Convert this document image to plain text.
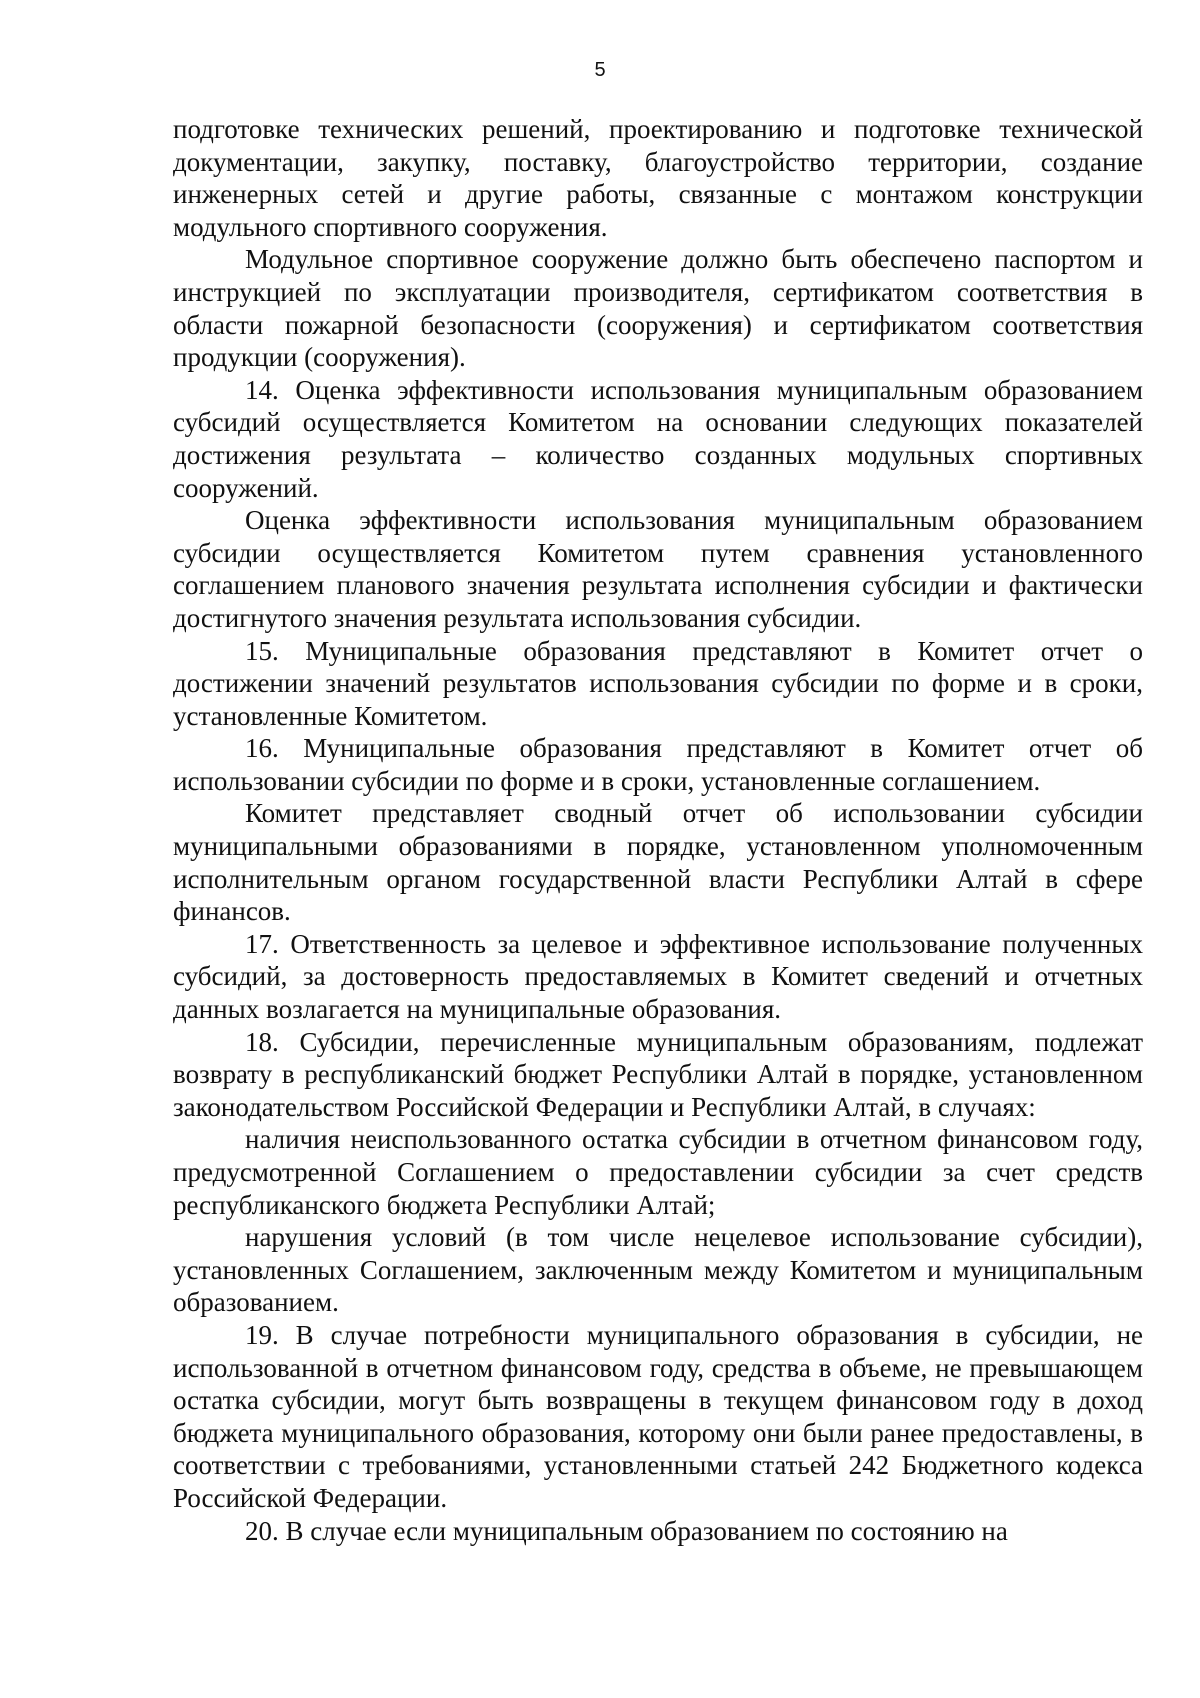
5

подготовке технических решений, проектированию и подготовке технической документации, закупку, поставку, благоустройство территории, создание инженерных сетей и другие работы, связанные с монтажом конструкции модульного спортивного сооружения.

Модульное спортивное сооружение должно быть обеспечено паспортом и инструкцией по эксплуатации производителя, сертификатом соответствия в области пожарной безопасности (сооружения) и сертификатом соответствия продукции (сооружения).

14. Оценка эффективности использования муниципальным образованием субсидий осуществляется Комитетом на основании следующих показателей достижения результата – количество созданных модульных спортивных сооружений.

Оценка эффективности использования муниципальным образованием субсидии осуществляется Комитетом путем сравнения установленного соглашением планового значения результата исполнения субсидии и фактически достигнутого значения результата использования субсидии.

15. Муниципальные образования представляют в Комитет отчет о достижении значений результатов использования субсидии по форме и в сроки, установленные Комитетом.

16. Муниципальные образования представляют в Комитет отчет об использовании субсидии по форме и в сроки, установленные соглашением.

Комитет представляет сводный отчет об использовании субсидии муниципальными образованиями в порядке, установленном уполномоченным исполнительным органом государственной власти Республики Алтай в сфере финансов.

17. Ответственность за целевое и эффективное использование полученных субсидий, за достоверность предоставляемых в Комитет сведений и отчетных данных возлагается на муниципальные образования.

18. Субсидии, перечисленные муниципальным образованиям, подлежат возврату в республиканский бюджет Республики Алтай в порядке, установленном законодательством Российской Федерации и Республики Алтай, в случаях:

наличия неиспользованного остатка субсидии в отчетном финансовом году, предусмотренной Соглашением о предоставлении субсидии за счет средств республиканского бюджета Республики Алтай;

нарушения условий (в том числе нецелевое использование субсидии), установленных Соглашением, заключенным между Комитетом и муниципальным образованием.

19. В случае потребности муниципального образования в субсидии, не использованной в отчетном финансовом году, средства в объеме, не превышающем остатка субсидии, могут быть возвращены в текущем финансовом году в доход бюджета муниципального образования, которому они были ранее предоставлены, в соответствии с требованиями, установленными статьей 242 Бюджетного кодекса Российской Федерации.

20. В случае если муниципальным образованием по состоянию на
